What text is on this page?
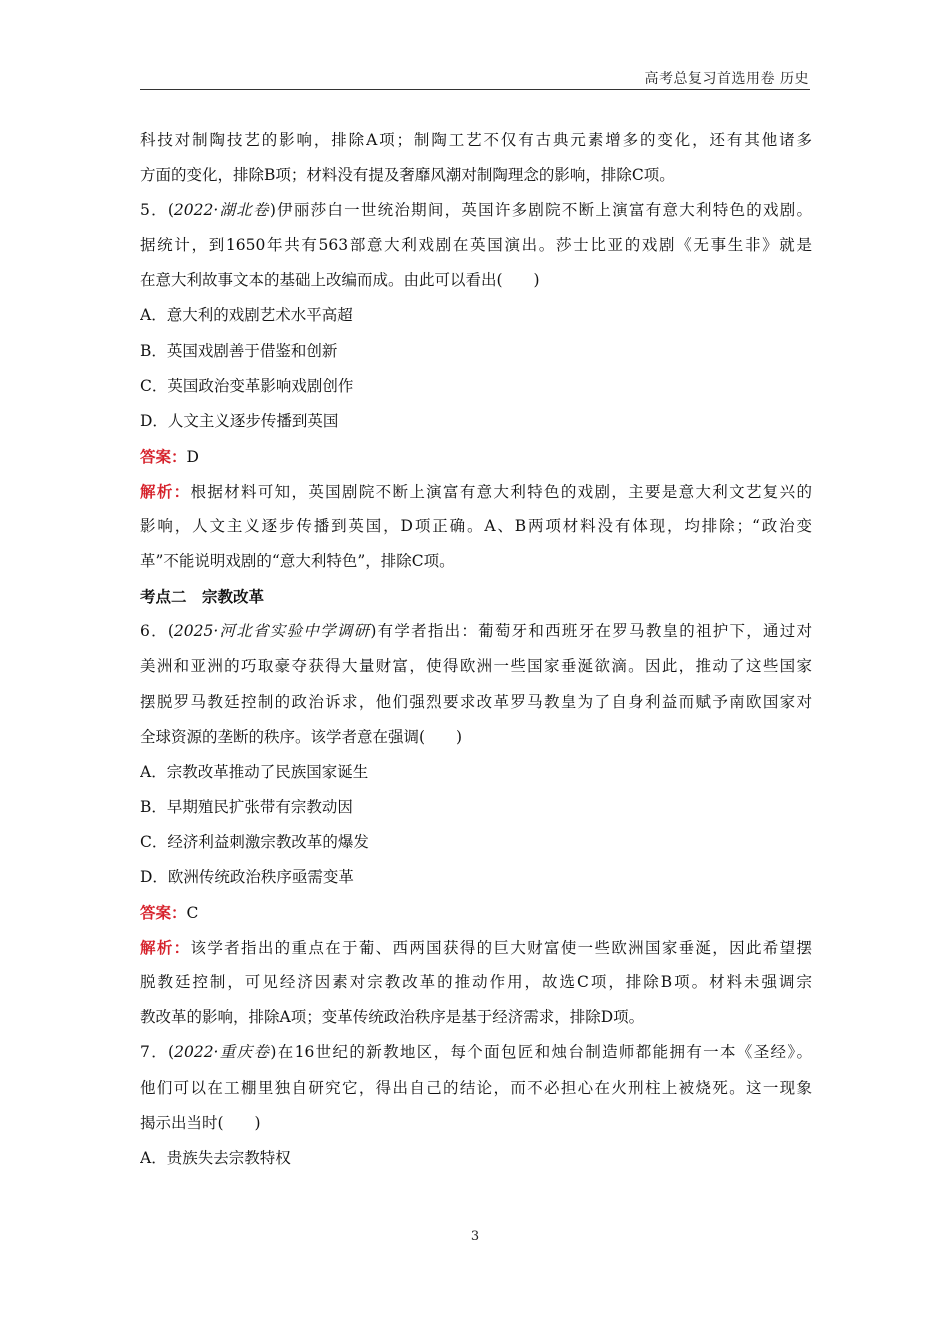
高考总复习首选用卷 历史
科技对制陶技艺的影响，排除A项；制陶工艺不仅有古典元素增多的变化，还有其他诸多
方面的变化，排除B项；材料没有提及奢靡风潮对制陶理念的影响，排除C项。
5．(2022·湖北卷)伊丽莎白一世统治期间，英国许多剧院不断上演富有意大利特色的戏剧。
据统计，到1650年共有563部意大利戏剧在英国演出。莎士比亚的戏剧《无事生非》就是
在意大利故事文本的基础上改编而成。由此可以看出(　　)
A．意大利的戏剧艺术水平高超
B．英国戏剧善于借鉴和创新
C．英国政治变革影响戏剧创作
D．人文主义逐步传播到英国
答案：D
解析：根据材料可知，英国剧院不断上演富有意大利特色的戏剧，主要是意大利文艺复兴的
影响，人文主义逐步传播到英国，D项正确。A、B两项材料没有体现，均排除；“政治变
革”不能说明戏剧的“意大利特色”，排除C项。
考点二　宗教改革
6．(2025·河北省实验中学调研)有学者指出：葡萄牙和西班牙在罗马教皇的祖护下，通过对
美洲和亚洲的巧取豪夺获得大量财富，使得欧洲一些国家垂涎欲滴。因此，推动了这些国家
摆脱罗马教廷控制的政治诉求，他们强烈要求改革罗马教皇为了自身利益而赋予南欧国家对
全球资源的垄断的秩序。该学者意在强调(　　)
A．宗教改革推动了民族国家诞生
B．早期殖民扩张带有宗教动因
C．经济利益刺激宗教改革的爆发
D．欧洲传统政治秩序亟需变革
答案：C
解析：该学者指出的重点在于葡、西两国获得的巨大财富使一些欧洲国家垂涎，因此希望摆
脱教廷控制，可见经济因素对宗教改革的推动作用，故选C项，排除B项。材料未强调宗
教改革的影响，排除A项；变革传统政治秩序是基于经济需求，排除D项。
7．(2022·重庆卷)在16世纪的新教地区，每个面包匠和烛台制造师都能拥有一本《圣经》。
他们可以在工棚里独自研究它，得出自己的结论，而不必担心在火刑柱上被烧死。这一现象
揭示出当时(　　)
A．贵族失去宗教特权
3
